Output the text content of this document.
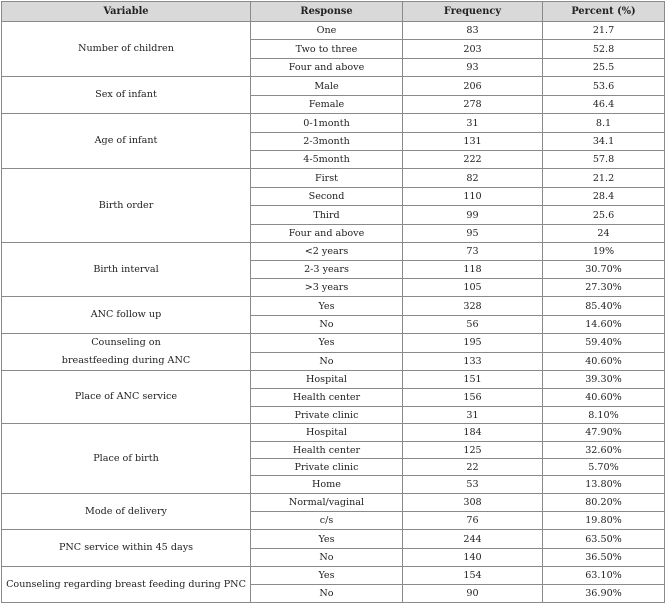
Variable	Response	Frequency	Percent (%)

Number of children	One	83	21.7
	Two to three	203	52.8
	Four and above	93	25.5

Sex of infant	Male	206	53.6
	Female	278	46.4

Age of infant	0-1month	31	8.1
	2-3month	131	34.1
	4-5month	222	57.8

Birth order	First	82	21.2
	Second	110	28.4
	Third	99	25.6
	Four and above	95	24

Birth interval	<2 years	73	19%
	2-3 years	118	30.70%
	>3 years	105	27.30%

ANC follow up	Yes	328	85.40%
	No	56	14.60%

Counseling on
breastfeeding during ANC	Yes	195	59.40%
	No	133	40.60%

Place of ANC service	Hospital	151	39.30%
	Health center	156	40.60%
	Private clinic	31	8.10%

Place of birth	Hospital	184	47.90%
	Health center	125	32.60%
	Private clinic	22	5.70%
	Home	53	13.80%

Mode of delivery	Normal/vaginal	308	80.20%
	c/s	76	19.80%

PNC service within 45 days	Yes	244	63.50%
	No	140	36.50%

Counseling regarding breast feeding during PNC	Yes	154	63.10%
	No	90	36.90%
